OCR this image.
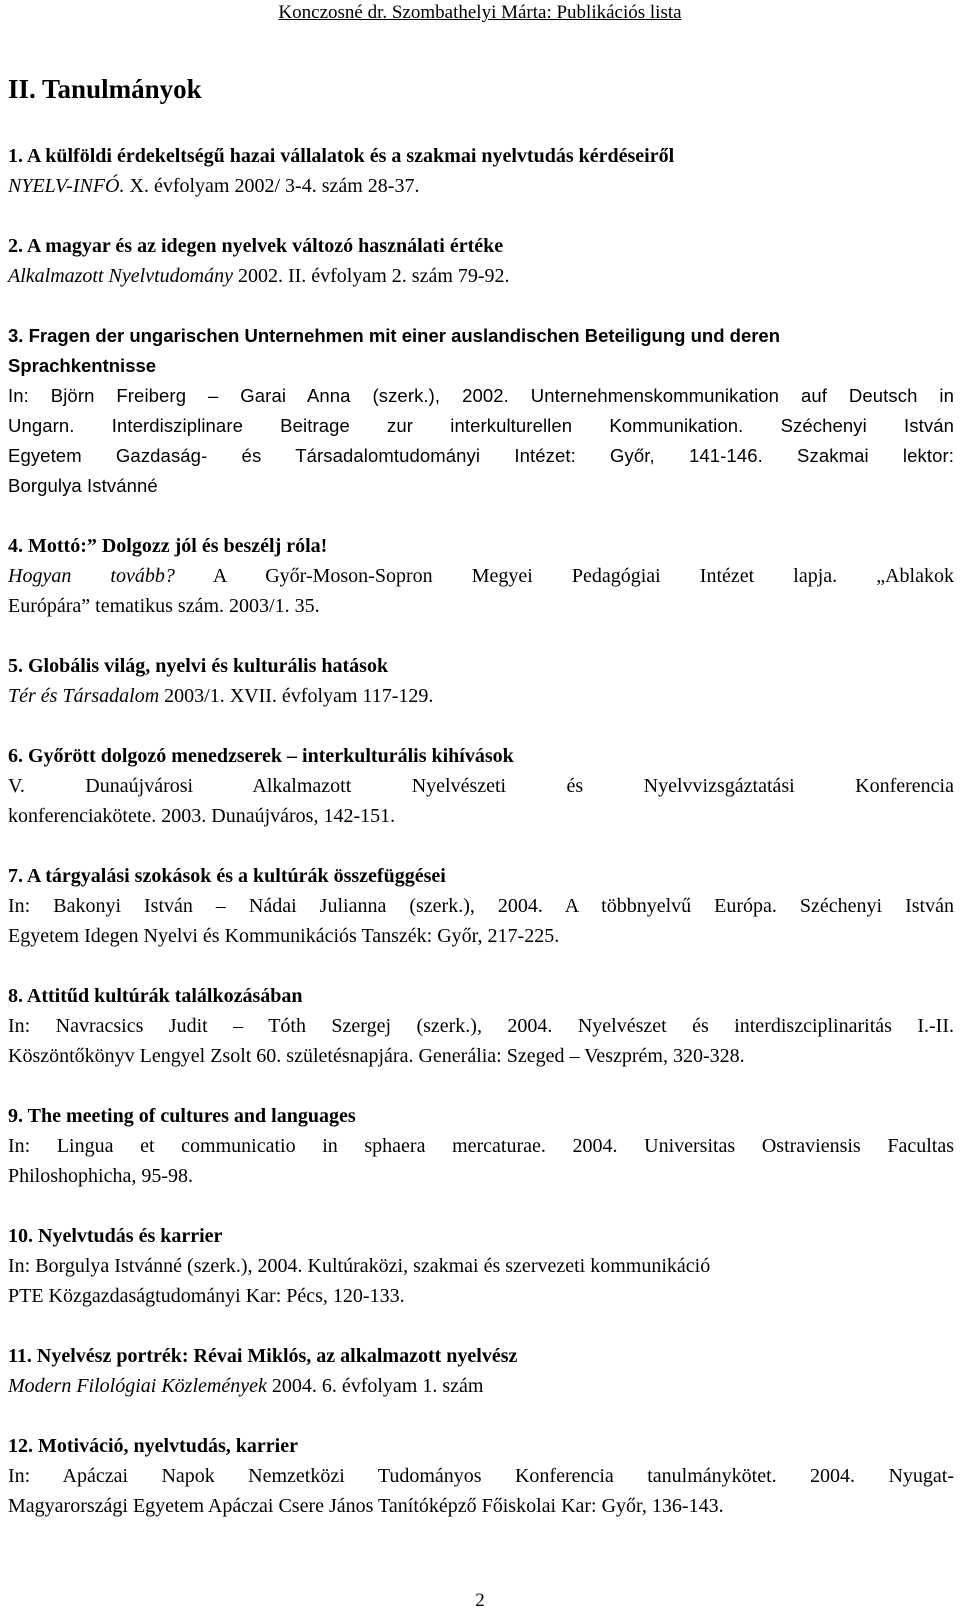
Konczosné dr. Szombathelyi Márta: Publikációs lista
II. Tanulmányok
1. A külföldi érdekeltségű hazai vállalatok és a szakmai nyelvtudás kérdéseiről
NYELV-INFÓ. X. évfolyam 2002/ 3-4. szám 28-37.
2. A magyar és az idegen nyelvek változó használati értéke
Alkalmazott Nyelvtudomány 2002. II. évfolyam 2. szám 79-92.
3. Fragen der ungarischen Unternehmen mit einer auslandischen Beteiligung und deren
Sprachkentnisse
In: Björn Freiberg – Garai Anna (szerk.), 2002. Unternehmenskommunikation auf Deutsch in
Ungarn. Interdisziplinare Beitrage zur interkulturellen Kommunikation. Széchenyi István
Egyetem Gazdaság- és Társadalomtudományi Intézet: Győr, 141-146. Szakmai lektor:
Borgulya Istvánné
4. Mottó:” Dolgozz jól és beszélj róla!
Hogyan tovább? A Győr-Moson-Sopron Megyei Pedagógiai Intézet lapja. „Ablakok
Európára” tematikus szám. 2003/1. 35.
5. Globális világ, nyelvi és kulturális hatások
Tér és Társadalom 2003/1. XVII. évfolyam 117-129.
6. Győrött dolgozó menedzserek – interkulturális kihívások
V. Dunaújvárosi Alkalmazott Nyelvészeti és Nyelvvizsgáztatási Konferencia
konferenciakötete. 2003. Dunaújváros, 142-151.
7. A tárgyalási szokások és a kultúrák összefüggései
In: Bakonyi István – Nádai Julianna (szerk.), 2004. A többnyelvű Európa. Széchenyi István
Egyetem Idegen Nyelvi és Kommunikációs Tanszék: Győr, 217-225.
8. Attitűd kultúrák találkozásában
In: Navracsics Judit – Tóth Szergej (szerk.), 2004. Nyelvészet és interdiszciplinaritás I.-II.
Köszöntőkönyv Lengyel Zsolt 60. születésnapjára. Generália: Szeged – Veszprém, 320-328.
9. The meeting of cultures and languages
In: Lingua et communicatio in sphaera mercaturae. 2004. Universitas Ostraviensis Facultas
Philoshophicha, 95-98.
10. Nyelvtudás és karrier
In: Borgulya Istvánné (szerk.), 2004. Kultúraközi, szakmai és szervezeti kommunikáció
PTE Közgazdaságtudományi Kar: Pécs, 120-133.
11. Nyelvész portrék: Révai Miklós, az alkalmazott nyelvész
Modern Filológiai Közlemények 2004. 6. évfolyam 1. szám
12. Motiváció, nyelvtudás, karrier
In: Apáczai Napok Nemzetközi Tudományos Konferencia tanulmánykötet. 2004. Nyugat-
Magyarországi Egyetem Apáczai Csere János Tanítóképző Főiskolai Kar: Győr, 136-143.
2
